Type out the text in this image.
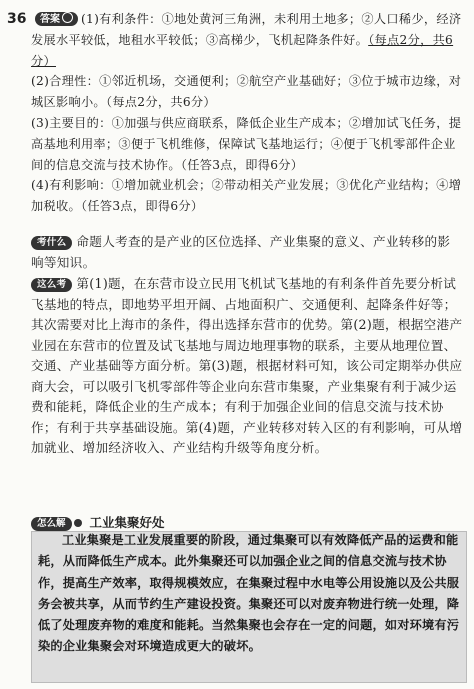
36	(1)有利条件：①地处黄河三角洲，未利用土地多；②人口稀少，经济发展水平较低，地租水平较低；③高梯少，飞机起降条件好。（每点2分，共6分）

(2)合理性：①邻近机场，交通便利；②航空产业基础好；③位于城市边缘，对城区影响小。（每点2分，共6分）

(3)主要目的：①加强与供应商联系，降低企业生产成本；②增加试飞任务，提高基地利用率；③便于飞机维修，保障试飞基地运行；④便于飞机零部件企业间的信息交流与技术协作。（任答3点，即得6分）

(4)有利影响：①增加就业机会；②带动相关产业发展；③优化产业结构；④增加税收。（任答3点，即得6分）

答案
考什么 命题人考查的是产业的区位选择、产业集聚的意义、产业转移的影响等知识。
这么考 第(1)题，在东营市设立民用飞机试飞基地的有利条件首先要分析试飞基地的特点，即地势平坦开阔、占地面积广、交通便利、起降条件好等；其次需要对比上海市的条件，得出选择东营市的优势。第(2)题，根据空港产业园在东营市的位置及试飞基地与周边地理事物的联系，主要从地理位置、交通、产业基础等方面分析。第(3)题，根据材料可知，该公司定期举办供应商大会，可以吸引飞机零部件等企业向东营市集聚，产业集聚有利于减少运费和能耗，降低企业的生产成本；有利于加强企业间的信息交流与技术协作；有利于共享基础设施。第(4)题，产业转移对转入区的有利影响，可从增加就业、增加经济收入、产业结构升级等角度分析。
怎么解 工业集聚好处

工业集聚是工业发展重要的阶段，通过集聚可以有效降低产品的运费和能耗，从而降低生产成本。此外集聚还可以加强企业之间的信息交流与技术协作，提高生产效率，取得规模效应，在集聚过程中水电等公用设施以及公共服务会被共享，从而节约生产建设投资。集聚还可以对废弃物进行统一处理，降低了处理废弃物的难度和能耗。当然集聚也会存在一定的问题，如对环境有污染的企业集聚会对环境造成更大的破坏。
